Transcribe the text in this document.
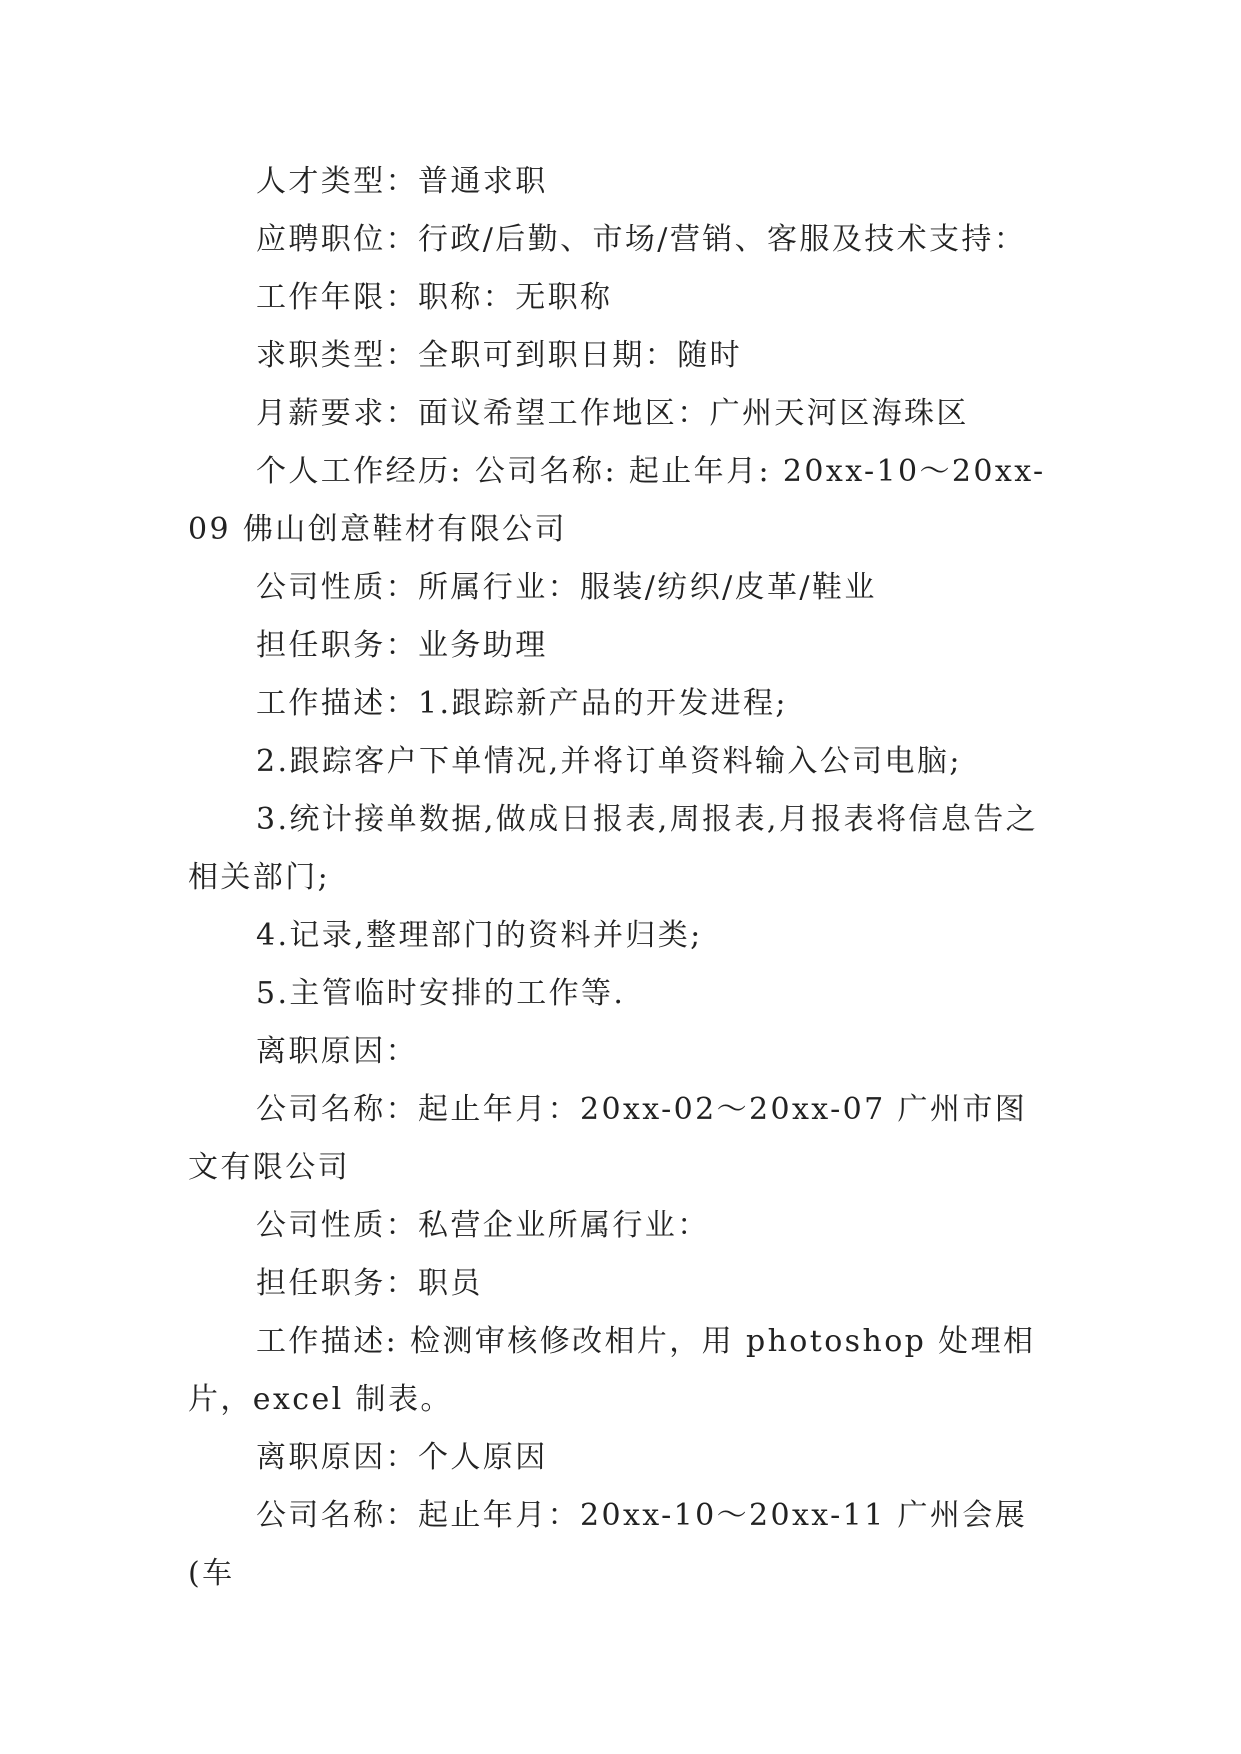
人才类型：普通求职

应聘职位：行政/后勤、市场/营销、客服及技术支持：

工作年限：职称：无职称

求职类型：全职可到职日期：随时

月薪要求：面议希望工作地区：广州天河区海珠区

个人工作经历: 公司名称: 起止年月: 20xx-10～20xx-09 佛山创意鞋材有限公司

公司性质：所属行业：服装/纺织/皮革/鞋业

担任职务：业务助理

工作描述：1.跟踪新产品的开发进程;

2.跟踪客户下单情况,并将订单资料输入公司电脑;

3.统计接单数据,做成日报表,周报表,月报表将信息告之相关部门;

4.记录,整理部门的资料并归类;

5.主管临时安排的工作等.

离职原因：

公司名称：起止年月：20xx-02～20xx-07 广州市图文有限公司

公司性质：私营企业所属行业：

担任职务：职员

工作描述: 检测审核修改相片，用 photoshop 处理相片，excel 制表。

离职原因：个人原因

公司名称：起止年月：20xx-10～20xx-11 广州会展(车
